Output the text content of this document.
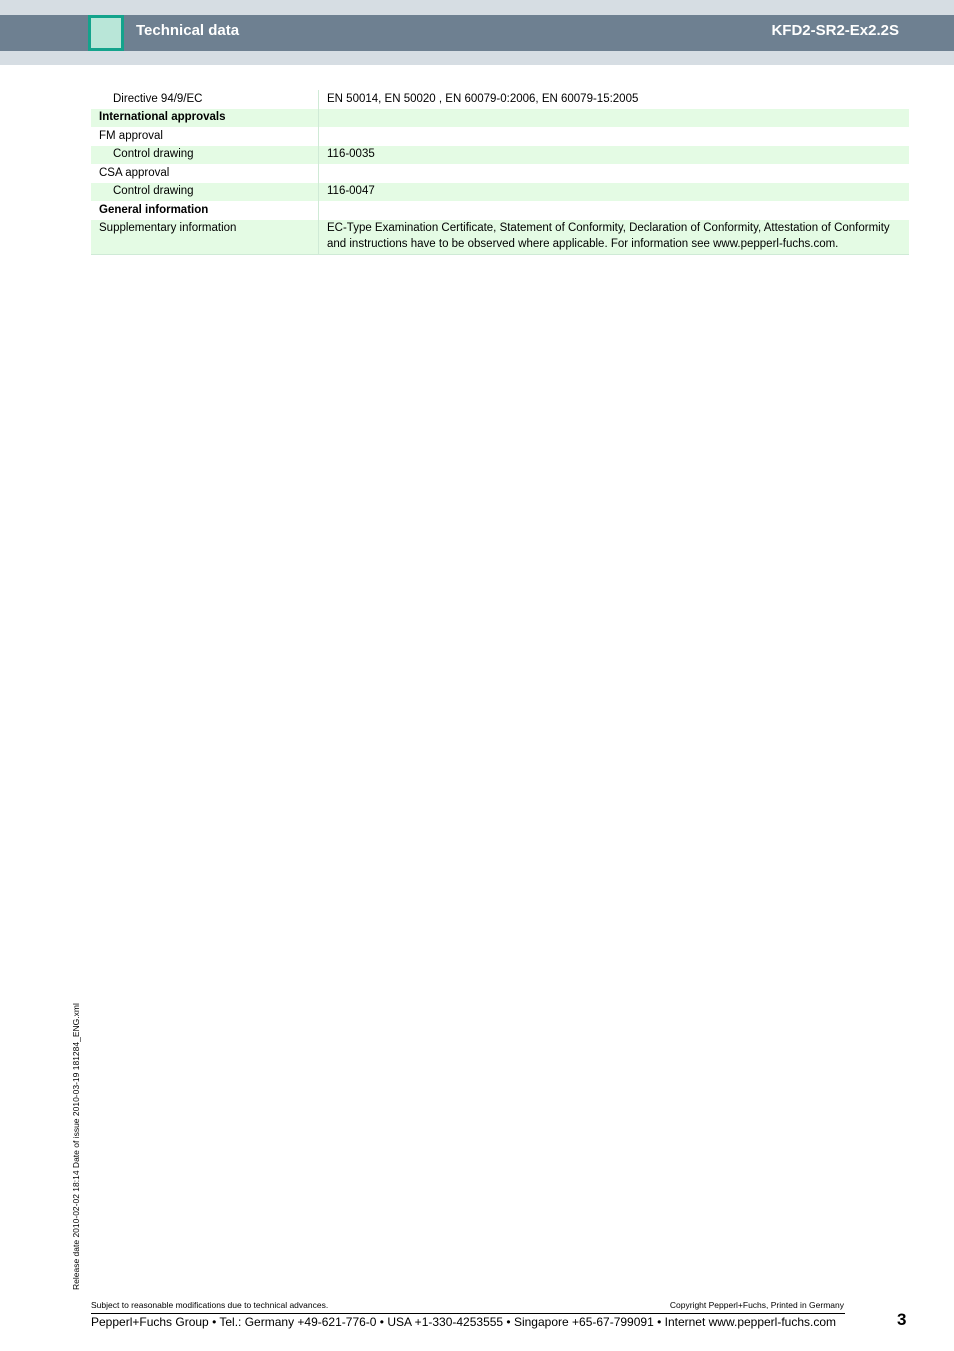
Technical data	KFD2-SR2-Ex2.2S
Directive 94/9/EC	EN 50014, EN 50020 , EN 60079-0:2006, EN 60079-15:2005
International approvals	
FM approval	
Control drawing	116-0035
CSA approval	
Control drawing	116-0047
General information	
Supplementary information	EC-Type Examination Certificate, Statement of Conformity, Declaration of Conformity, Attestation of Conformity and instructions have to be observed where applicable. For information see www.pepperl-fuchs.com.
Release date 2010-02-02 18:14 Date of issue 2010-03-19 181284_ENG.xml
Subject to reasonable modifications due to technical advances.	Copyright Pepperl+Fuchs, Printed in Germany
Pepperl+Fuchs Group • Tel.: Germany +49-621-776-0 • USA +1-330-4253555 • Singapore +65-67-799091 • Internet www.pepperl-fuchs.com	3
